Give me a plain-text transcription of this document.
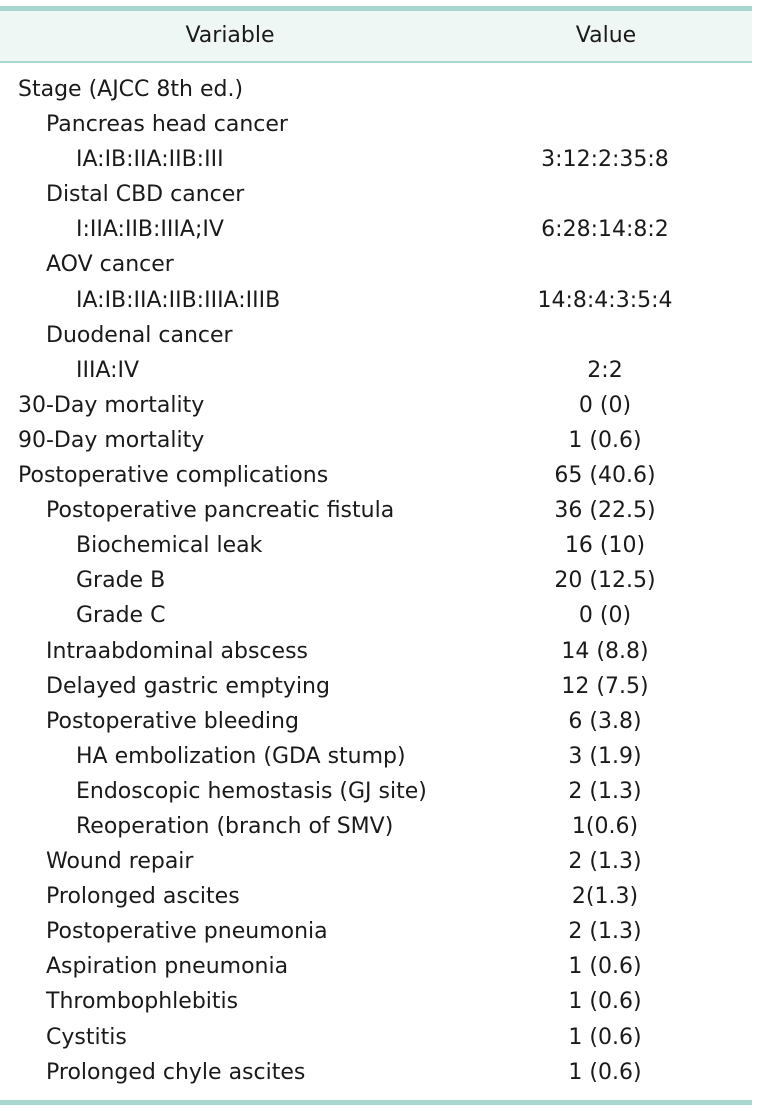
Variable	Value
Stage (AJCC 8th ed.)
Pancreas head cancer
IA:IB:IIA:IIB:III	3:12:2:35:8
Distal CBD cancer
I:IIA:IIB:IIIA;IV	6:28:14:8:2
AOV cancer
IA:IB:IIA:IIB:IIIA:IIIB	14:8:4:3:5:4
Duodenal cancer
IIIA:IV	2:2
30-Day mortality	0 (0)
90-Day mortality	1 (0.6)
Postoperative complications	65 (40.6)
Postoperative pancreatic fistula	36 (22.5)
Biochemical leak	16 (10)
Grade B	20 (12.5)
Grade C	0 (0)
Intraabdominal abscess	14 (8.8)
Delayed gastric emptying	12 (7.5)
Postoperative bleeding	6 (3.8)
HA embolization (GDA stump)	3 (1.9)
Endoscopic hemostasis (GJ site)	2 (1.3)
Reoperation (branch of SMV)	1(0.6)
Wound repair	2 (1.3)
Prolonged ascites	2(1.3)
Postoperative pneumonia	2 (1.3)
Aspiration pneumonia	1 (0.6)
Thrombophlebitis	1 (0.6)
Cystitis	1 (0.6)
Prolonged chyle ascites	1 (0.6)
